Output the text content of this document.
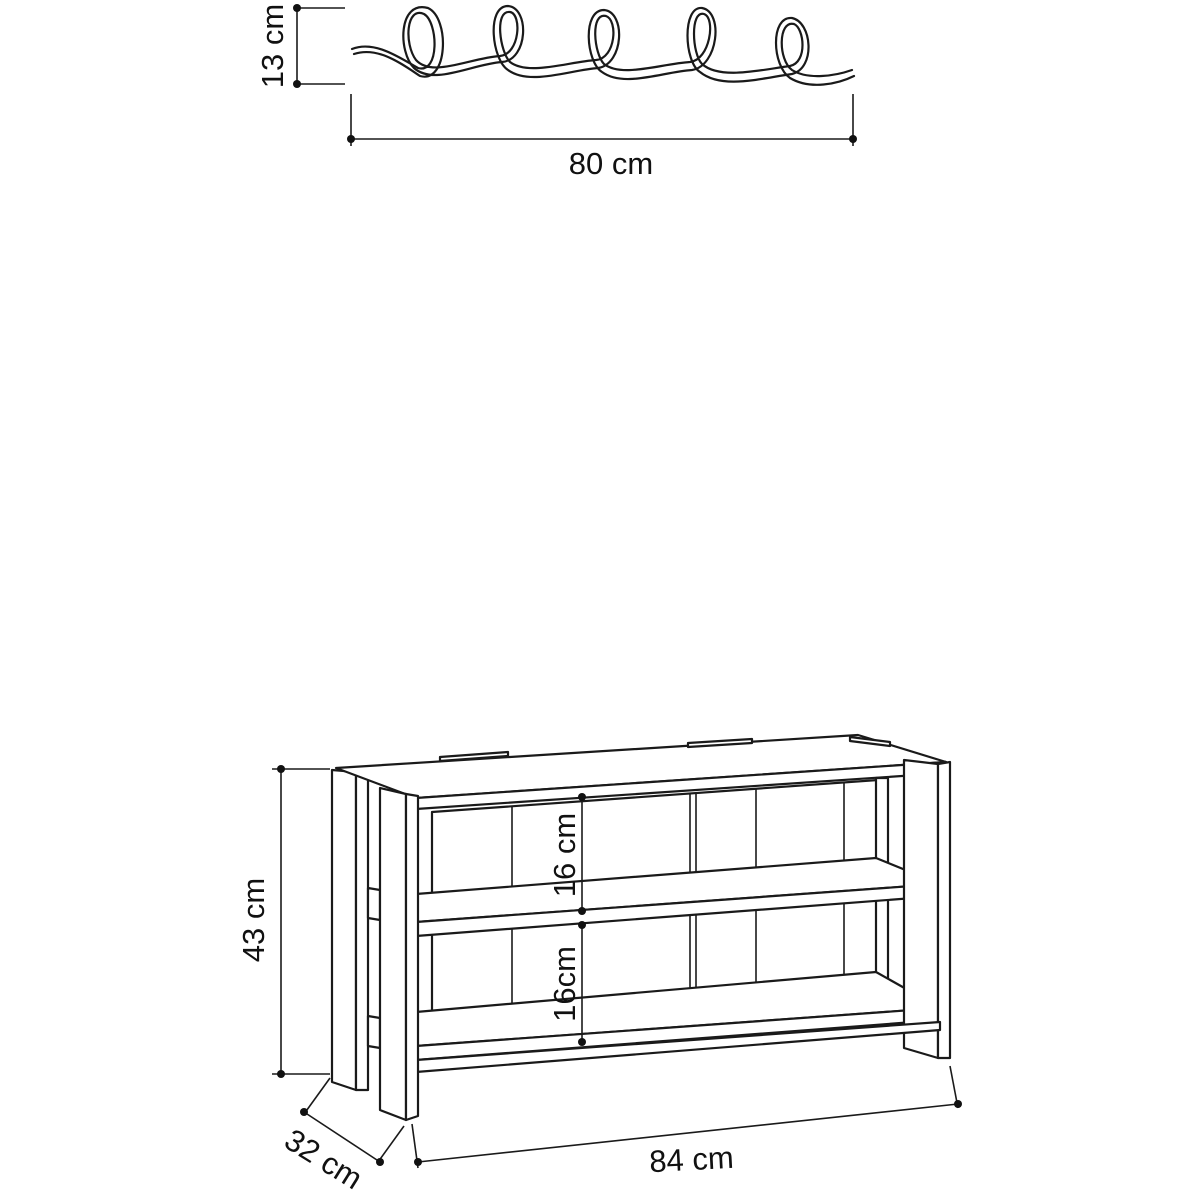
13 cm
80 cm
43 cm
16 cm
16cm
32 cm	84 cm
